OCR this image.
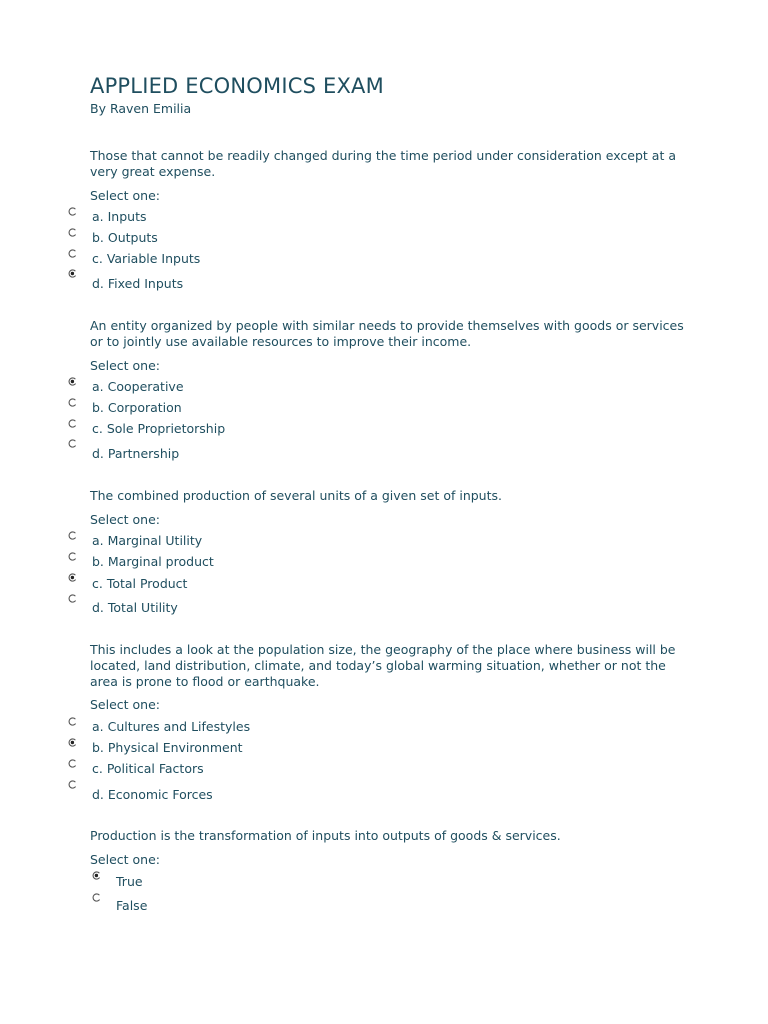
APPLIED ECONOMICS EXAM
By Raven Emilia
Those that cannot be readily changed during the time period under consideration except at a very great expense.
Select one:
a. Inputs
b. Outputs
c. Variable Inputs
d. Fixed Inputs
An entity organized by people with similar needs to provide themselves with goods or services or to jointly use available resources to improve their income.
Select one:
a. Cooperative
b. Corporation
c. Sole Proprietorship
d. Partnership
The combined production of several units of a given set of inputs.
Select one:
a. Marginal Utility
b. Marginal product
c. Total Product
d. Total Utility
This includes a look at the population size, the geography of the place where business will be located, land distribution, climate, and today’s global warming situation, whether or not the area is prone to flood or earthquake.
Select one:
a. Cultures and Lifestyles
b. Physical Environment
c. Political Factors
d. Economic Forces
Production is the transformation of inputs into outputs of goods & services.
Select one:
True
False
